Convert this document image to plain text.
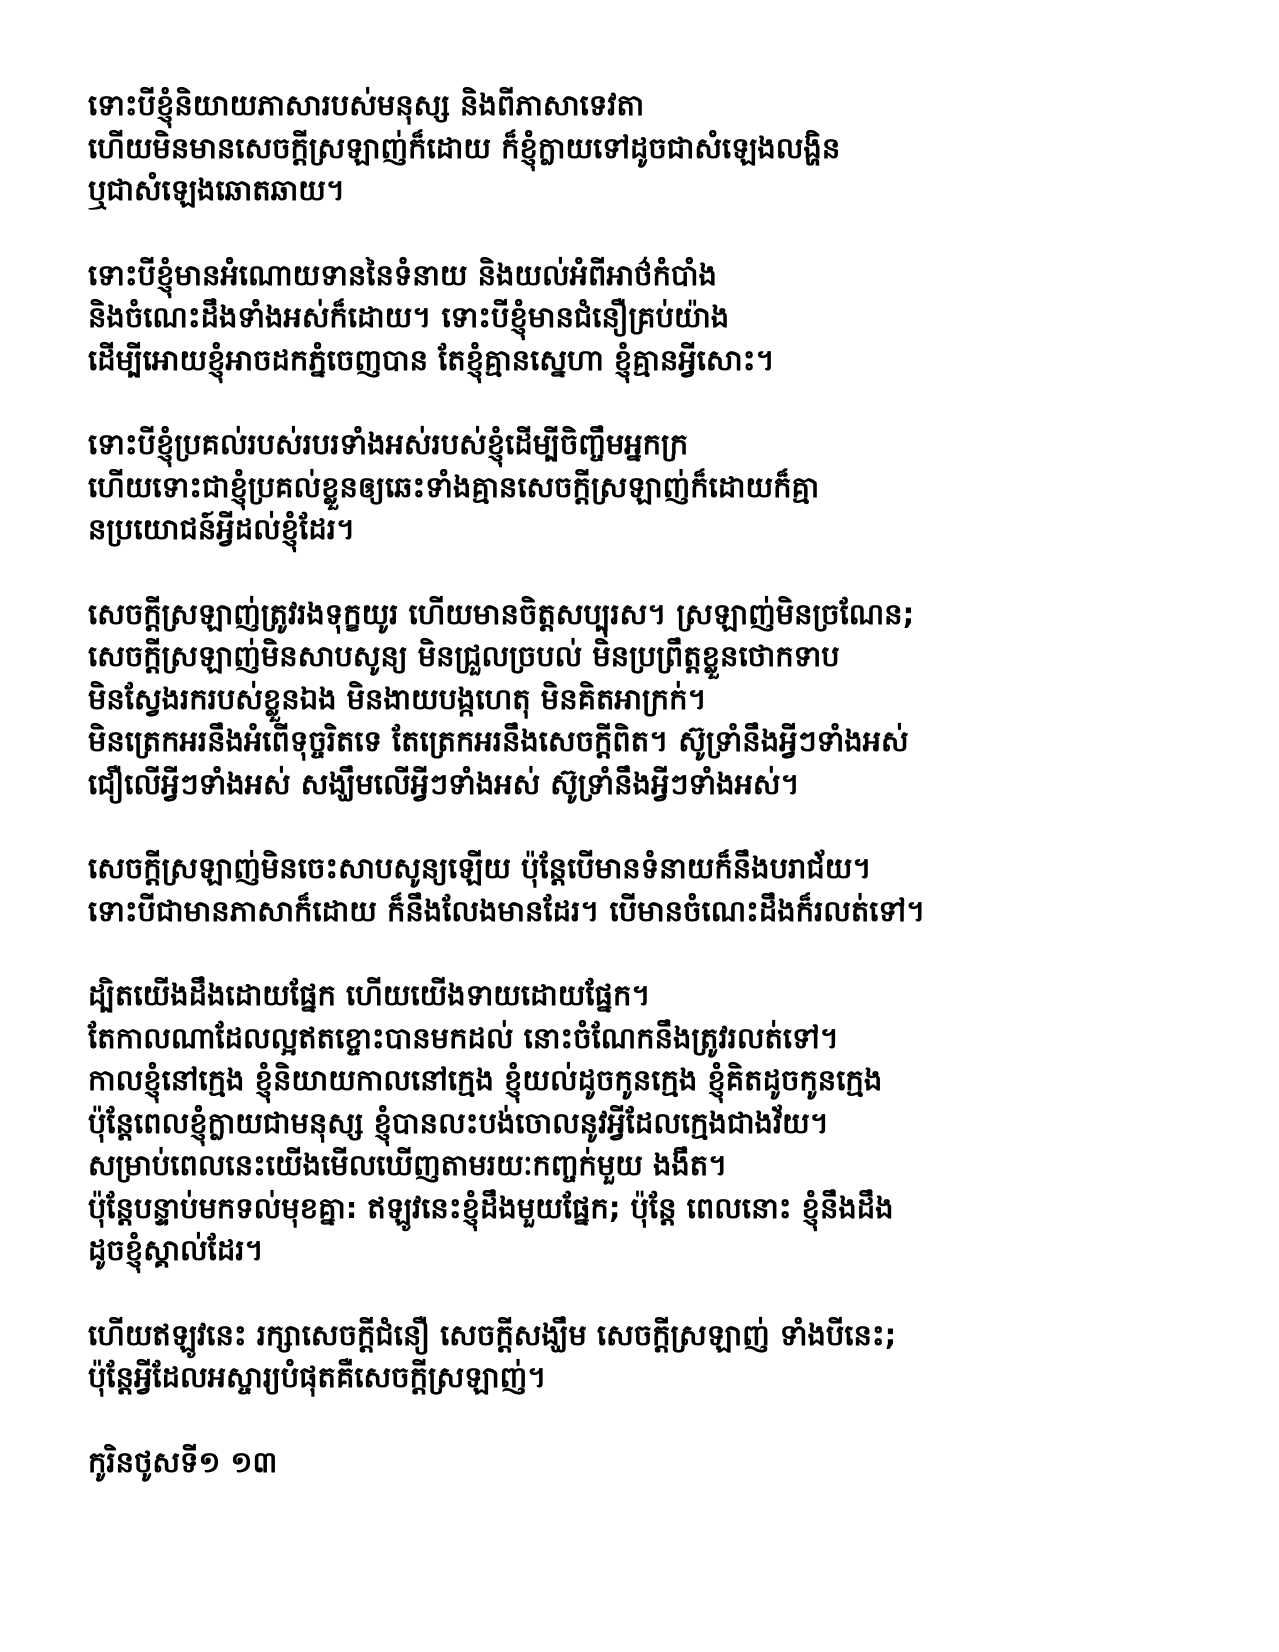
ទោះបីខ្ញុំនិយាយភាសារបស់មនុស្ស និងពីភាសាទេវតា
ហើយមិនមានសេចក្ដីស្រឡាញ់ក៏ដោយ ក៏ខ្ញុំក្លាយទៅដូចជាសំឡេងលង្ហិន
ឬជាសំឡេងឆោតឆាយ។
ទោះបីខ្ញុំមានអំណោយទាននៃទំនាយ និងយល់អំពីអាថ៌កំបាំង
និងចំណេះដឹងទាំងអស់ក៏ដោយ។ ទោះបីខ្ញុំមានជំនឿគ្រប់យ៉ាង
ដើម្បីអោយខ្ញុំអាចដកភ្នំចេញបាន តែខ្ញុំគ្មានស្នេហា ខ្ញុំគ្មានអ្វីសោះ។
ទោះបីខ្ញុំប្រគល់របស់របរទាំងអស់របស់ខ្ញុំដើម្បីចិញ្ចឹមអ្នកក្រ
ហើយទោះជាខ្ញុំប្រគល់ខ្លួនឲ្យឆេះទាំងគ្មានសេចក្ដីស្រឡាញ់ក៏ដោយក៏គ្មា
នប្រយោជន៍អ្វីដល់ខ្ញុំដែរ។
សេចក្ដីស្រឡាញ់ត្រូវរងទុក្ខយូរ ហើយមានចិត្តសប្បុរស។ ស្រឡាញ់មិនច្រណែន;
សេចក្ដីស្រឡាញ់មិនសាបសូន្យ មិនជ្រួលច្របល់ មិនប្រព្រឹត្តខ្លួនថោកទាប
មិនស្វែងរករបស់ខ្លួនឯង មិនងាយបង្កហេតុ មិនគិតអាក្រក់។
មិនត្រេកអរនឹងអំពើទុច្ចរិតទេ តែត្រេកអរនឹងសេចក្ដីពិត។ ស៊ូទ្រាំនឹងអ្វីៗទាំងអស់
ជឿលើអ្វីៗទាំងអស់ សង្ឃឹមលើអ្វីៗទាំងអស់ ស៊ូទ្រាំនឹងអ្វីៗទាំងអស់។
សេចក្ដីស្រឡាញ់មិនចេះសាបសូន្យឡើយ ប៉ុន្តែបើមានទំនាយក៏នឹងបរាជ័យ។
ទោះបីជាមានភាសាក៏ដោយ ក៏នឹងលែងមានដែរ។ បើមានចំណេះដឹងក៏រលត់ទៅ។
ដ្បិតយើងដឹងដោយផ្នែក ហើយយើងទាយដោយផ្នែក។
តែកាលណាដែលល្អឥតខ្ចោះបានមកដល់ នោះចំណែកនឹងត្រូវរលត់ទៅ។
កាលខ្ញុំនៅក្មេង ខ្ញុំនិយាយកាលនៅក្មេង ខ្ញុំយល់ដូចកូនក្មេង ខ្ញុំគិតដូចកូនក្មេង
ប៉ុន្តែពេលខ្ញុំក្លាយជាមនុស្ស ខ្ញុំបានលះបង់ចោលនូវអ្វីដែលក្មេងជាងវ័យ។
សម្រាប់ពេលនេះយើងមើលឃើញតាមរយៈកញ្ចក់មួយ ងងឹត។
ប៉ុន្តែបន្ទាប់មកទល់មុខគ្នា: ឥឡូវនេះខ្ញុំដឹងមួយផ្នែក; ប៉ុន្តែ ពេលនោះ ខ្ញុំនឹងដឹង
ដូចខ្ញុំស្គាល់ដែរ។
ហើយឥឡូវនេះ រក្សាសេចក្ដីជំនឿ សេចក្ដីសង្ឃឹម សេចក្ដីស្រឡាញ់ ទាំងបីនេះ;
ប៉ុន្តែអ្វីដែលអស្ចារ្យបំផុតគឺសេចក្ដីស្រឡាញ់។
កូរិនថូសទី១ ១៣
